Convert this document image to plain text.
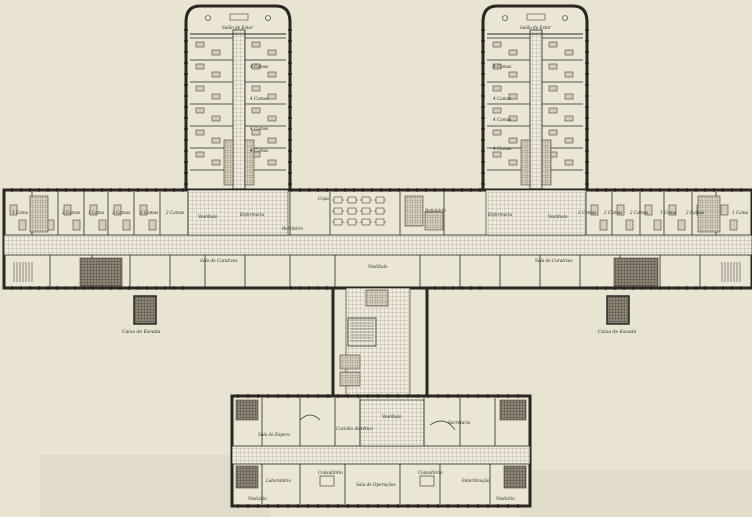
Salão de Estar	Salão de Estar
4 Camas
4 Camas
4 Camas
4 Camas
4 Camas
4 Camas
4 Camas
4 Camas
1 Cama	2 Camas 1 Cama 2 Camas 2 Camas 2 Camas	2 Camas 2 Camas 2 Camas	1 Cama 2 Camas	1 Cama
Enfermaria	Enfermaria
Copa
Refeitório
Refeitório
Vestíbulo	Vestíbulo
Sala de Curativos	Sala de Curativos
Vestíbulo
Caixa de Escada	Caixa de Escada
Vestíbulo
Sala de Espera
Cozinha dietética
Secretaria
Consultório	Consultório
Laboratório
Sala de Operações
Esterilização
Vestiário	Vestiário
